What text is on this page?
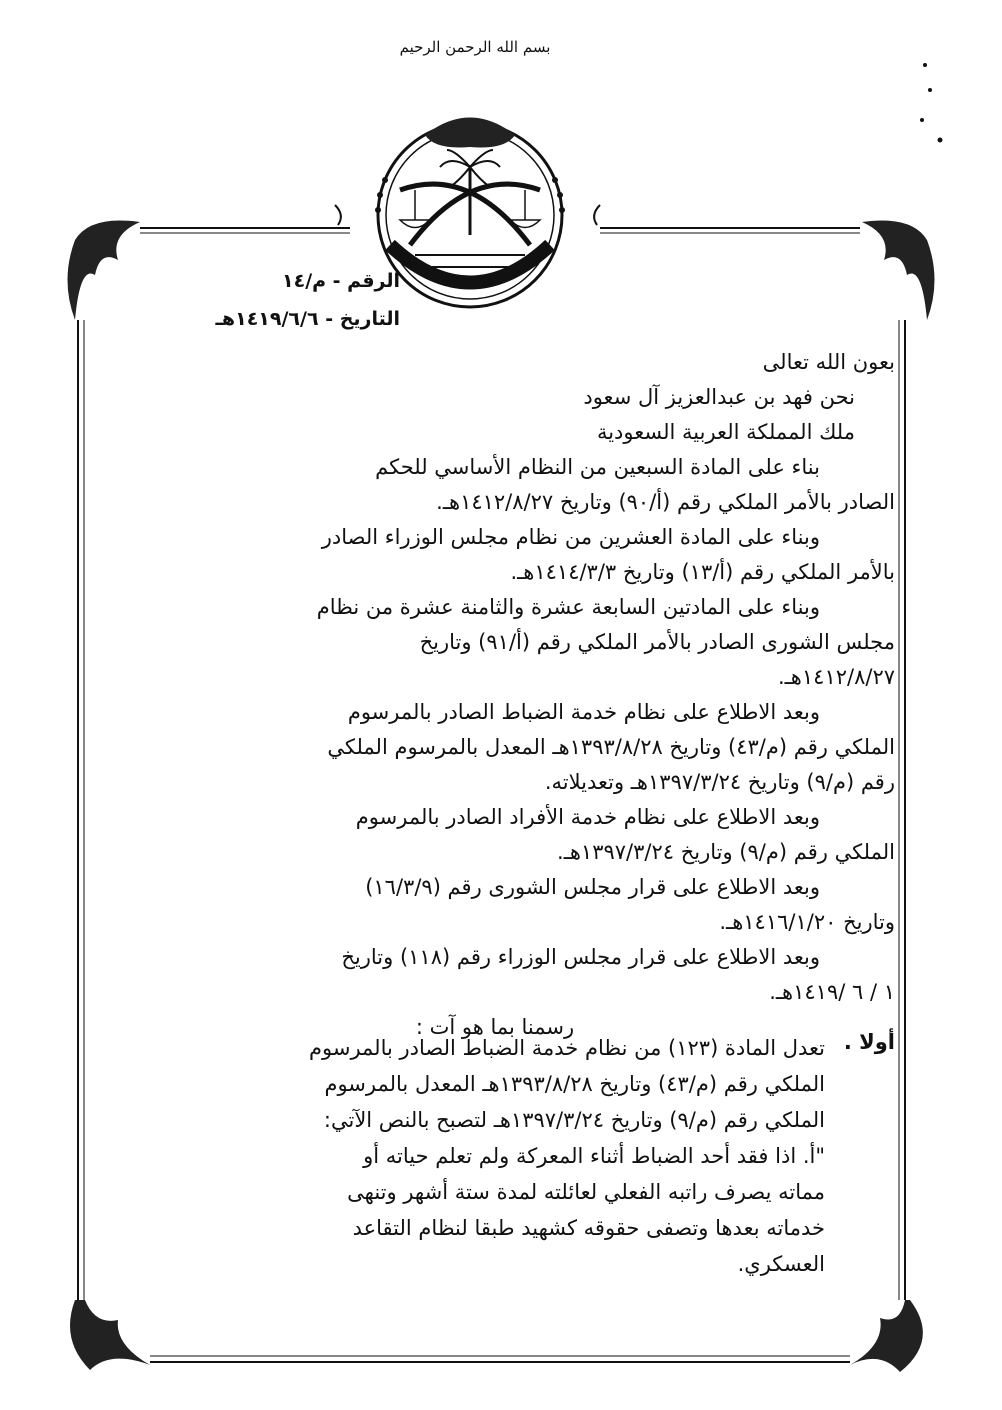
بسم الله الرحمن الرحيم
الرقم - م/١٤
التاريخ - ١٤١٩/٦/٦هـ
بعون الله تعالى
نحن فهد بن عبدالعزيز آل سعود
ملك المملكة العربية السعودية
بناء على المادة السبعين من النظام الأساسي للحكم
الصادر بالأمر الملكي رقم (أ/٩٠) وتاريخ ١٤١٢/٨/٢٧هـ.
وبناء على المادة العشرين من نظام مجلس الوزراء الصادر
بالأمر الملكي رقم (أ/١٣) وتاريخ ١٤١٤/٣/٣هـ.
وبناء على المادتين السابعة عشرة والثامنة عشرة من نظام
مجلس الشورى الصادر بالأمر الملكي رقم (أ/٩١) وتاريخ
١٤١٢/٨/٢٧هـ.
وبعد الاطلاع على نظام خدمة الضباط الصادر بالمرسوم
الملكي رقم (م/٤٣) وتاريخ ١٣٩٣/٨/٢٨هـ المعدل بالمرسوم الملكي
رقم (م/٩) وتاريخ ١٣٩٧/٣/٢٤هـ وتعديلاته.
وبعد الاطلاع على نظام خدمة الأفراد الصادر بالمرسوم
الملكي رقم (م/٩) وتاريخ ١٣٩٧/٣/٢٤هـ.
وبعد الاطلاع على قرار مجلس الشورى رقم (١٦/٣/٩)
وتاريخ ١٤١٦/١/٢٠هـ.
وبعد الاطلاع على قرار مجلس الوزراء رقم (١١٨) وتاريخ
١ / ٦ /١٤١٩هـ.
رسمنا بما هو آت :
أولا .
تعدل المادة (١٢٣) من نظام خدمة الضباط الصادر بالمرسوم
الملكي رقم (م/٤٣) وتاريخ ١٣٩٣/٨/٢٨هـ المعدل بالمرسوم
الملكي رقم (م/٩) وتاريخ ١٣٩٧/٣/٢٤هـ لتصبح بالنص الآتي:
"أ. اذا فقد أحد الضباط أثناء المعركة ولم تعلم حياته أو
مماته يصرف راتبه الفعلي لعائلته لمدة ستة أشهر وتنهى
خدماته بعدها وتصفى حقوقه كشهيد طبقا لنظام التقاعد
العسكري.
